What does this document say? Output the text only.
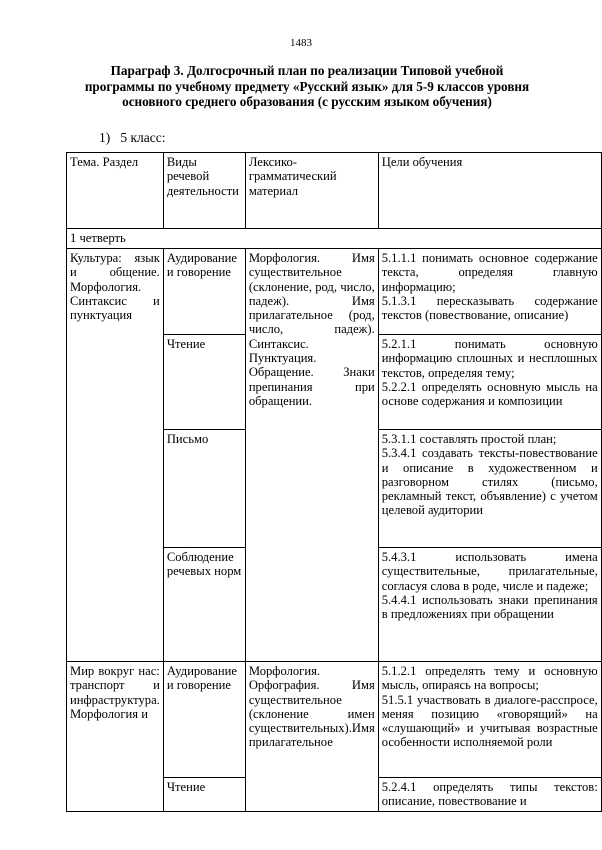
1483
Параграф 3. Долгосрочный план по реализации Типовой учебной
программы по учебному предмету «Русский язык» для 5-9 классов уровня
основного среднего образования (с русским языком обучения)
1)   5 класс:
Тема. Раздел	Виды речевой деятельности	Лексико-грамматический материал	Цели обучения
1 четверть			
Культура: язык и общение. Морфология. Синтаксис и пунктуация	Аудирование и говорение	Морфология. Имя существительное (склонение, род, число, падеж). Имя прилагательное (род, число, падеж). Синтаксис. Пунктуация. Обращение. Знаки препинания при обращении.	5.1.1.1 понимать основное содержание текста, определяя главную информацию;
5.1.3.1 пересказывать содержание текстов (повествование, описание)

	Чтение		5.2.1.1 понимать основную информацию сплошных и несплошных текстов, определяя тему;
5.2.2.1 определять основную мысль на основе содержания и композиции

	Письмо		5.3.1.1 составлять простой план;
5.3.4.1 создавать тексты-повествование и описание в художественном и разговорном стилях (письмо, рекламный текст, объявление) с учетом целевой аудитории

	Соблюдение речевых норм		5.4.3.1 использовать имена существительные, прилагательные, согласуя слова в роде, числе и падеже;
5.4.4.1 использовать знаки препинания в предложениях при обращении

Мир вокруг нас: транспорт и инфраструктура. Морфология и	Аудирование и говорение	Морфология. Орфография. Имя существительное (склонение имен существительных).Имя прилагательное	5.1.2.1 определять тему и основную мысль, опираясь на вопросы;
51.5.1 участвовать в диалоге-расспросе, меняя позицию «говорящий» на «слушающий» и учитывая возрастные особенности исполняемой роли

	Чтение		5.2.4.1 определять типы текстов: описание, повествование и
